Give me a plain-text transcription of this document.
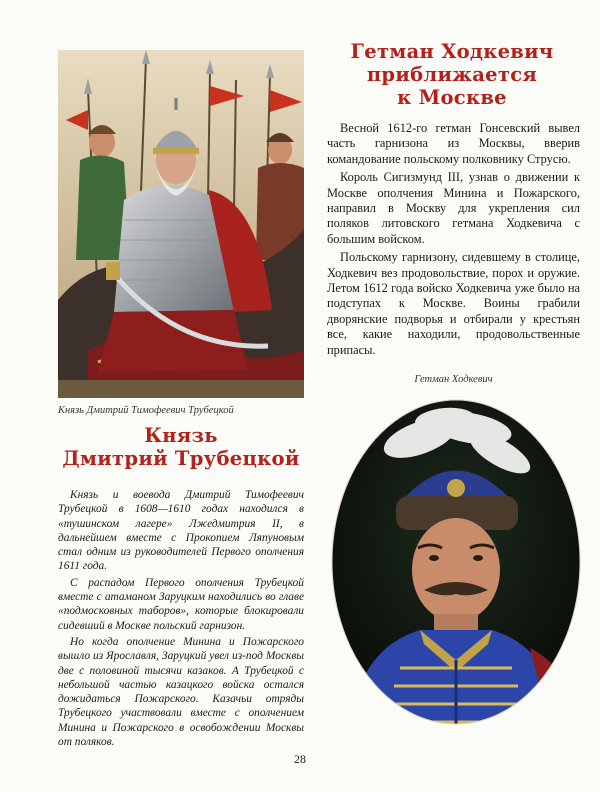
Князь Дмитрий Тимофеевич Трубецкой
Гетман Ходкевич
приближается
к Москве

Весной 1612-го гетман Гонсевский вывел часть гарнизона из Москвы, вверив командование польскому полковнику Струсю.

Король Сигизмунд III, узнав о движении к Москве ополчения Минина и Пожарского, направил в Москву для укрепления сил поляков литовского гетмана Ходкевича с большим войском.

Польскому гарнизону, сидевшему в столице, Ходкевич вез продовольствие, порох и оружие. Летом 1612 года войско Ходкевича уже было на подступах к Москве. Воины грабили дворянские подворья и отбирали у крестьян все, какие находили, продовольственные припасы.

Гетман Ходкевич
Князь
Дмитрий Трубецкой

Князь и воевода Дмитрий Тимофеевич Трубецкой в 1608—1610 годах находился в «тушинском лагере» Лжедмитрия II, в дальнейшем вместе с Прокопием Ляпуновым стал одним из руководителей Первого ополчения 1611 года.

С распадом Первого ополчения Трубецкой вместе с атаманом Заруцким находились во главе «подмосковных таборов», которые блокировали сидевший в Москве польский гарнизон.

Но когда ополчение Минина и Пожарского вышло из Ярославля, Заруцкий увел из-под Москвы две с половиной тысячи казаков. А Трубецкой с небольшой частью казацкого войска остался дожидаться Пожарского. Казачьи отряды Трубецкого участвовали вместе с ополчением Минина и Пожарского в освобождении Москвы от поляков.

28
